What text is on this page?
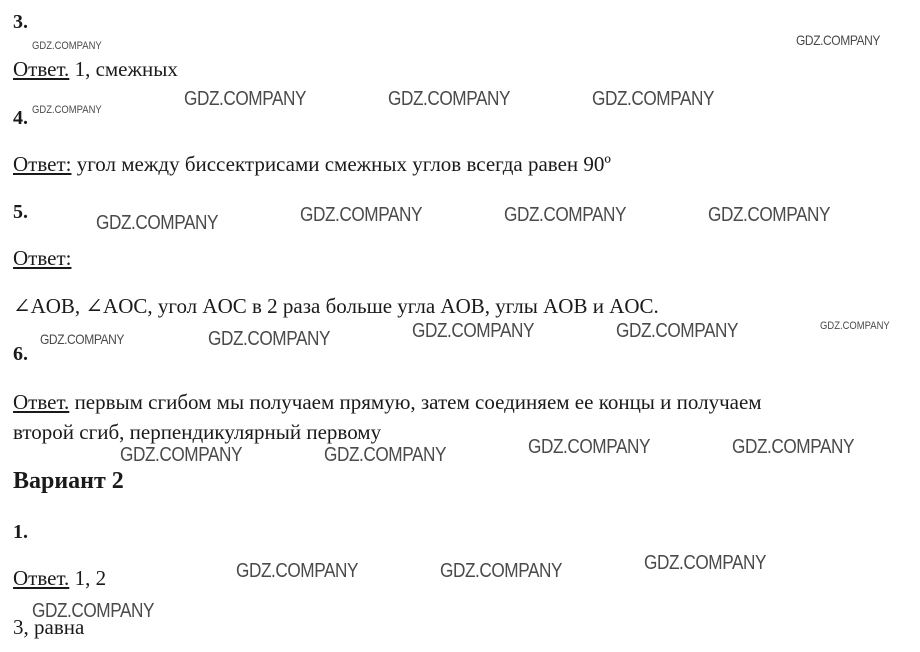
3.
Ответ. 1, смежных
4.
Ответ: угол между биссектрисами смежных углов всегда равен 90º
5.
Ответ:
∠AOB, ∠AOC, угол AOC в 2 раза больше угла AOB, углы AOB и AOC.
6.
Ответ. первым сгибом мы получаем прямую, затем соединяем ее концы и получаем
второй сгиб, перпендикулярный первому
Вариант 2
1.
Ответ. 1, 2
3, равна
GDZ.COMPANY	GDZ.COMPANY
GDZ.COMPANY	GDZ.COMPANY	GDZ.COMPANY	GDZ.COMPANY
GDZ.COMPANY	GDZ.COMPANY	GDZ.COMPANY	GDZ.COMPANY
GDZ.COMPANY	GDZ.COMPANY	GDZ.COMPANY	GDZ.COMPANY	GDZ.COMPANY
GDZ.COMPANY	GDZ.COMPANY	GDZ.COMPANY	GDZ.COMPANY
GDZ.COMPANY	GDZ.COMPANY	GDZ.COMPANY
GDZ.COMPANY
